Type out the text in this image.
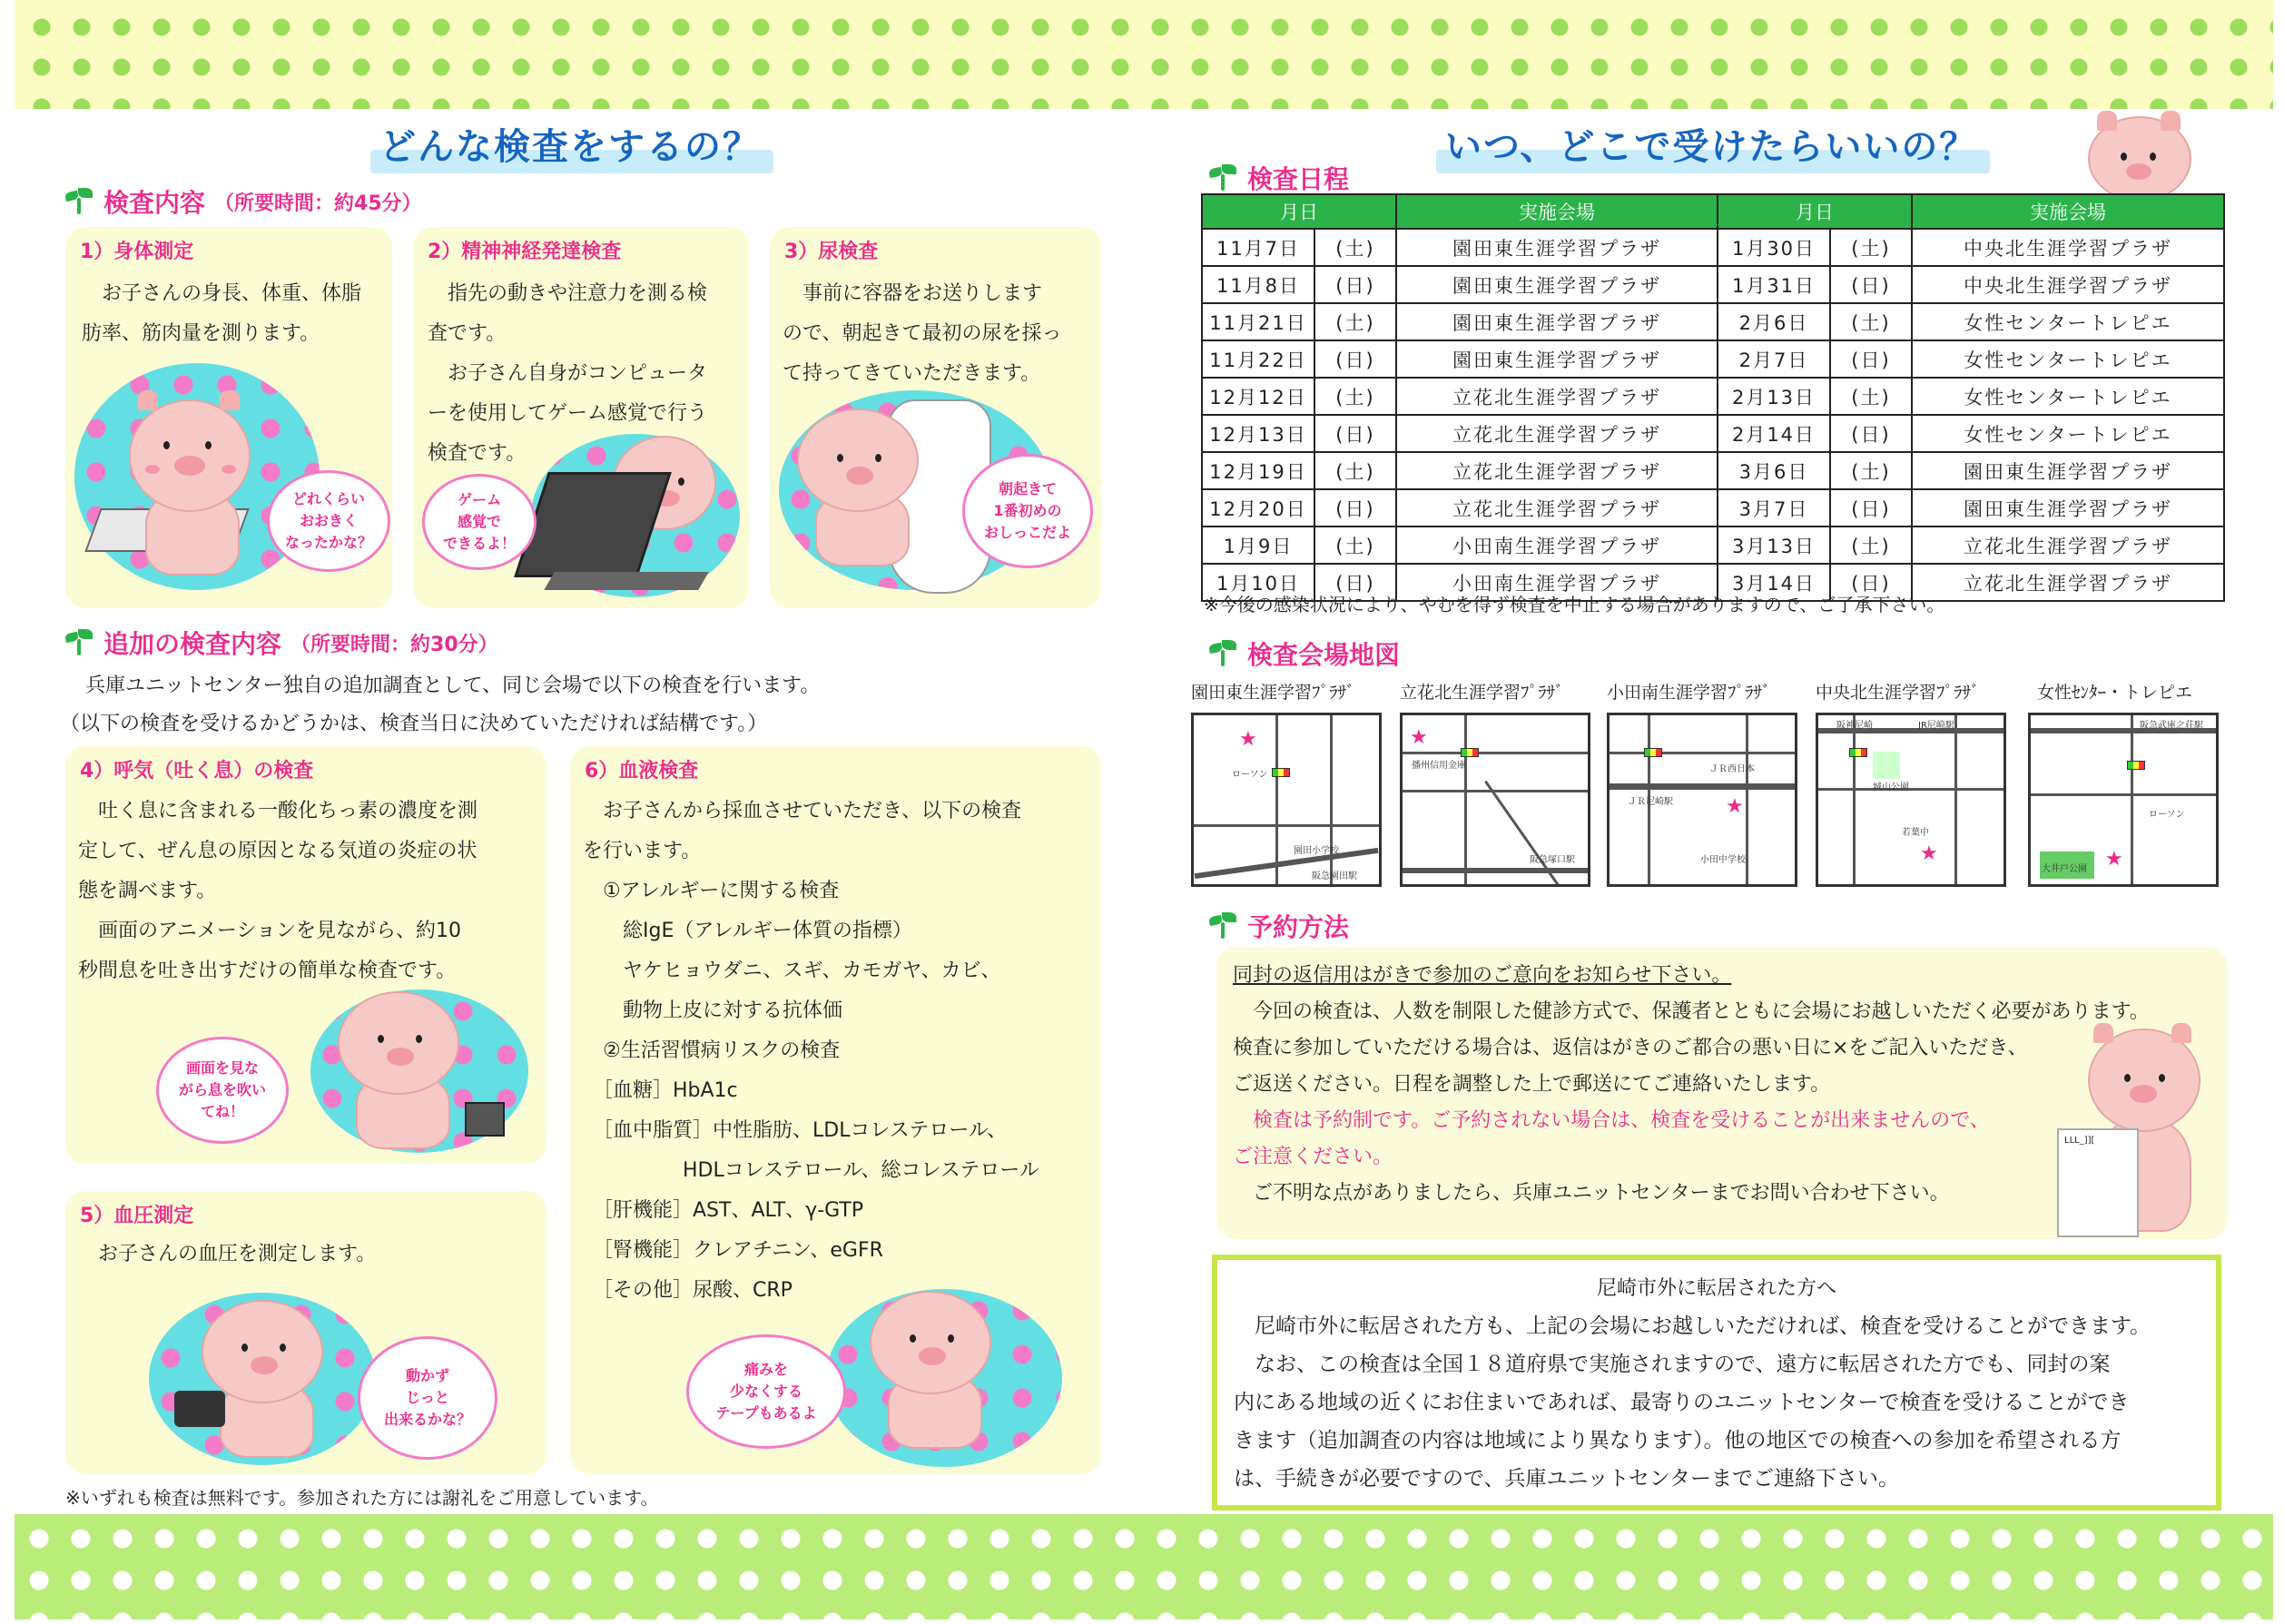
どんな検査をするの？
検査内容 （所要時間：約45分）
1）身体測定

　お子さんの身長、体重、体脂
肪率、筋肉量を測ります。

どれくらい
おおきく
なったかな？
2）精神神経発達検査

　指先の動きや注意力を測る検
査です。
　お子さん自身がコンピュータ
ーを使用してゲーム感覚で行う
検査です。

ゲーム
感覚で
できるよ！
3）尿検査

　事前に容器をお送りします
ので、朝起きて最初の尿を採っ
て持ってきていただきます。

朝起きて
1番初めの
おしっこだよ
追加の検査内容 （所要時間：約30分）
　兵庫ユニットセンター独自の追加調査として、同じ会場で以下の検査を行います。
（以下の検査を受けるかどうかは、検査当日に決めていただければ結構です。）
4）呼気（吐く息）の検査

　吐く息に含まれる一酸化ちっ素の濃度を測
定して、ぜん息の原因となる気道の炎症の状
態を調べます。
　画面のアニメーションを見ながら、約10
秒間息を吐き出すだけの簡単な検査です。

画面を見な
がら息を吹い
てね！
5）血圧測定

　お子さんの血圧を測定します。

動かず
じっと
出来るかな？
6）血液検査

　お子さんから採血させていただき、以下の検査
を行います。
　①アレルギーに関する検査
　　総IgE（アレルギー体質の指標）
　　ヤケヒョウダニ、スギ、カモガヤ、カビ、
　　動物上皮に対する抗体価
　②生活習慣病リスクの検査
　［血糖］HbA1c
　［血中脂質］中性脂肪、LDLコレステロール、
　　　　　HDLコレステロール、総コレステロール
　［肝機能］AST、ALT、γ-GTP
　［腎機能］クレアチニン、eGFR
　［その他］尿酸、CRP

痛みを
少なくする
テープもあるよ
※いずれも検査は無料です。参加された方には謝礼をご用意しています。
いつ、どこで受けたらいいの？
検査日程
月日		実施会場	月日		実施会場
11月7日	(土)	園田東生涯学習プラザ	1月30日	(土)	中央北生涯学習プラザ
11月8日	(日)	園田東生涯学習プラザ	1月31日	(日)	中央北生涯学習プラザ
11月21日	(土)	園田東生涯学習プラザ	2月6日	(土)	女性センタートレピエ
11月22日	(日)	園田東生涯学習プラザ	2月7日	(日)	女性センタートレピエ
12月12日	(土)	立花北生涯学習プラザ	2月13日	(土)	女性センタートレピエ
12月13日	(日)	立花北生涯学習プラザ	2月14日	(日)	女性センタートレピエ
12月19日	(土)	立花北生涯学習プラザ	3月6日	(土)	園田東生涯学習プラザ
12月20日	(日)	立花北生涯学習プラザ	3月7日	(日)	園田東生涯学習プラザ
1月9日	(土)	小田南生涯学習プラザ	3月13日	(土)	立花北生涯学習プラザ
1月10日	(日)	小田南生涯学習プラザ	3月14日	(日)	立花北生涯学習プラザ
※今後の感染状況により、やむを得ず検査を中止する場合がありますので、ご了承下さい。
検査会場地図
園田東生涯学習ﾌﾟﾗｻﾞ	立花北生涯学習ﾌﾟﾗｻﾞ 小田南生涯学習ﾌﾟﾗｻﾞ	中央北生涯学習ﾌﾟﾗｻﾞ	女性ｾﾝﾀｰ・トレピエ
★
ローソン
阪急園田駅
園田小学校
★
播州信用金庫
阪急塚口駅
★
ＪＲ尼崎駅
小田中学校
ＪＲ西日本
★
JR尼崎駅
城山公園
若葉中
阪神尼崎
★
阪急武庫之荘駅
大井戸公園
ローソン
予約方法
同封の返信用はがきで参加のご意向をお知らせ下さい。
　今回の検査は、人数を制限した健診方式で、保護者とともに会場にお越しいただく必要があります。
検査に参加していただける場合は、返信はがきのご都合の悪い日に×をご記入いただき、
ご返送ください。日程を調整した上で郵送にてご連絡いたします。
　検査は予約制です。ご予約されない場合は、検査を受けることが出来ませんので、
ご注意ください。
　ご不明な点がありましたら、兵庫ユニットセンターまでお問い合わせ下さい。
LLL_]][
尼崎市外に転居された方へ
　尼崎市外に転居された方も、上記の会場にお越しいただければ、検査を受けることができます。
　なお、この検査は全国１８道府県で実施されますので、遠方に転居された方でも、同封の案
内にある地域の近くにお住まいであれば、最寄りのユニットセンターで検査を受けることができ
きます（追加調査の内容は地域により異なります）。他の地区での検査への参加を希望される方
は、手続きが必要ですので、兵庫ユニットセンターまでご連絡下さい。
